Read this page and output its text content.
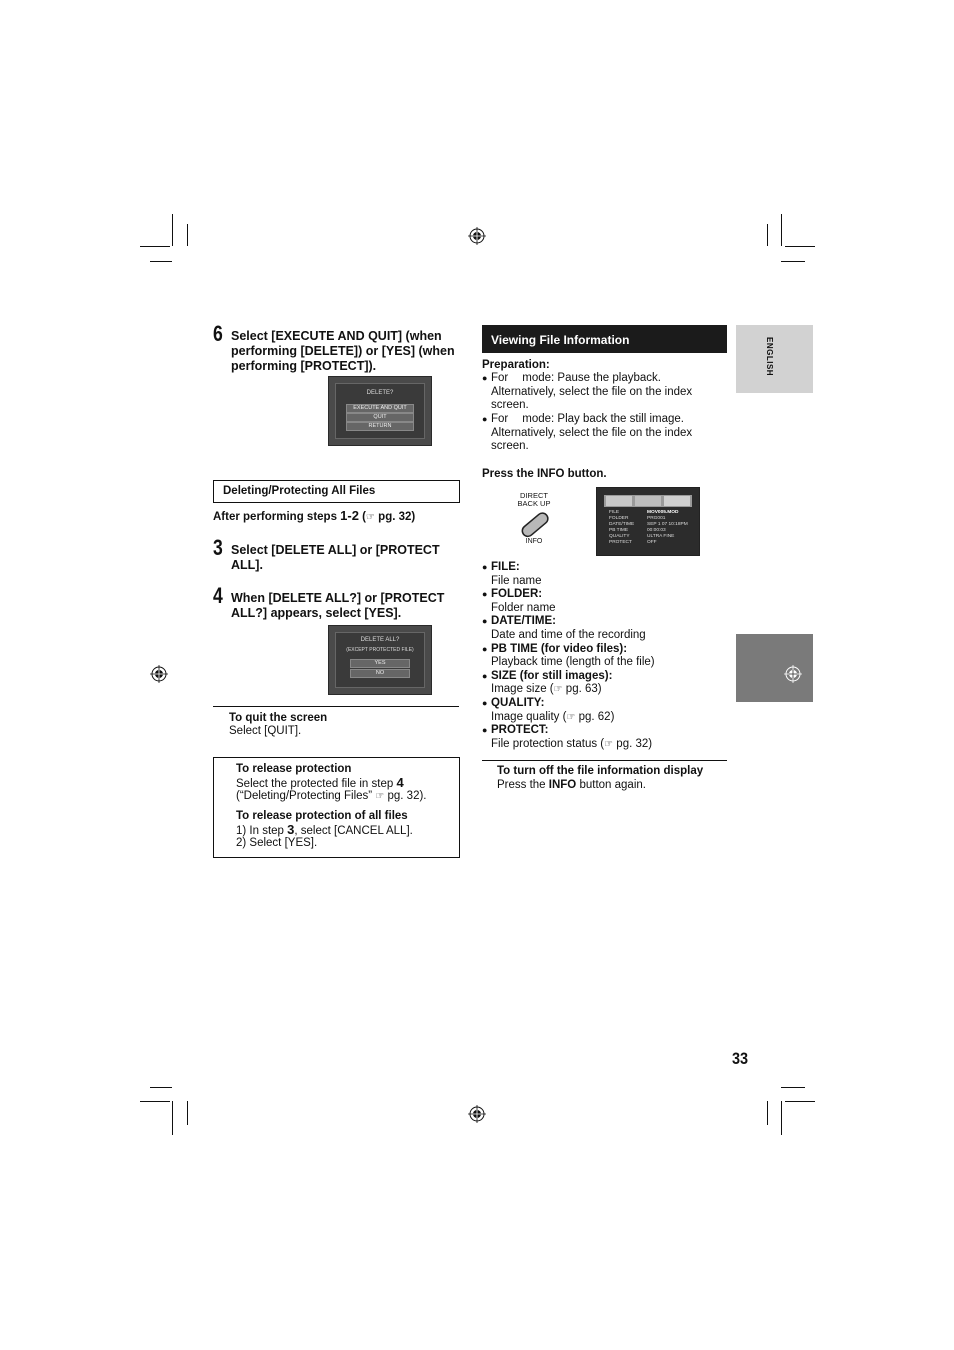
ENGLISH
6 Select [EXECUTE AND QUIT] (when performing [DELETE]) or [YES] (when performing [PROTECT]).
DELETE?
EXECUTE AND QUIT
QUIT
RETURN
Deleting/Protecting All Files
After performing steps 1-2 (☞ pg. 32)
3 Select [DELETE ALL] or [PROTECT ALL].
4 When [DELETE ALL?] or [PROTECT ALL?] appears, select [YES].
DELETE ALL?
(EXCEPT PROTECTED FILE)
YES
NO
To quit the screen
Select [QUIT].
To release protection
Select the protected file in step 4
(“Deleting/Protecting Files” ☞ pg. 32).
To release protection of all files
1) In step 3, select [CANCEL ALL].
2) Select [YES].
Viewing File Information
Preparation:
● For mode: Pause the playback.
Alternatively, select the file on the index screen.
● For mode: Play back the still image.
Alternatively, select the file on the index screen.
Press the INFO button.
DIRECT
BACK UP
INFO
FILE	MOV005.MOD
FOLDER	PRG001
DATE/TIME	SEP 1 07 10:18PM
PB TIME	00:00:03
QUALITY	ULTRA FINE
PROTECT	OFF
● FILE:
File name
● FOLDER:
Folder name
● DATE/TIME:
Date and time of the recording
● PB TIME (for video files):
Playback time (length of the file)
● SIZE (for still images):
Image size (☞ pg. 63)
● QUALITY:
Image quality (☞ pg. 62)
● PROTECT:
File protection status (☞ pg. 32)
To turn off the file information display
Press the INFO button again.
33
